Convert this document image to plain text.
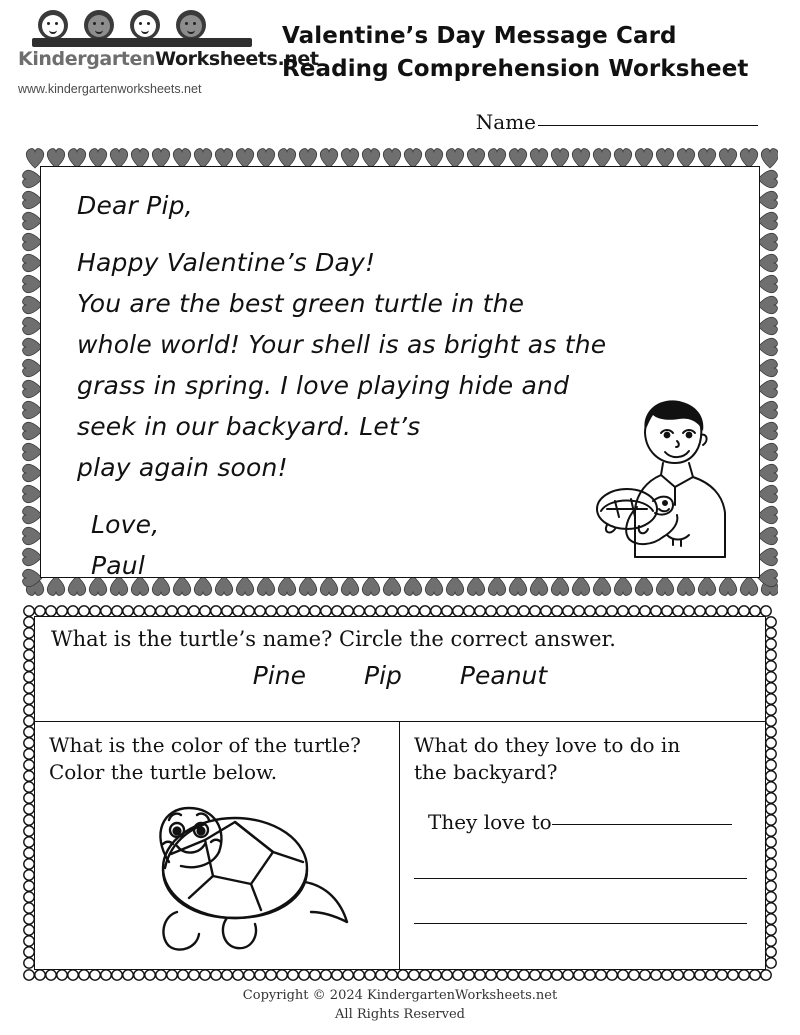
KindergartenWorksheets.net
www.kindergartenworksheets.net
Valentine’s Day Message Card
Reading Comprehension Worksheet
Name
Dear Pip,
Happy Valentine’s Day!
You are the best green turtle in the
whole world! Your shell is as bright as the
grass in spring. I love playing hide and
seek in our backyard. Let’s
play again soon!
Love,
Paul
What is the turtle’s name? Circle the correct answer.
Pine Pip Peanut
What is the color of the turtle?
Color the turtle below.
What do they love to do in
the backyard?
They love to
Copyright © 2024 KindergartenWorksheets.net
All Rights Reserved
